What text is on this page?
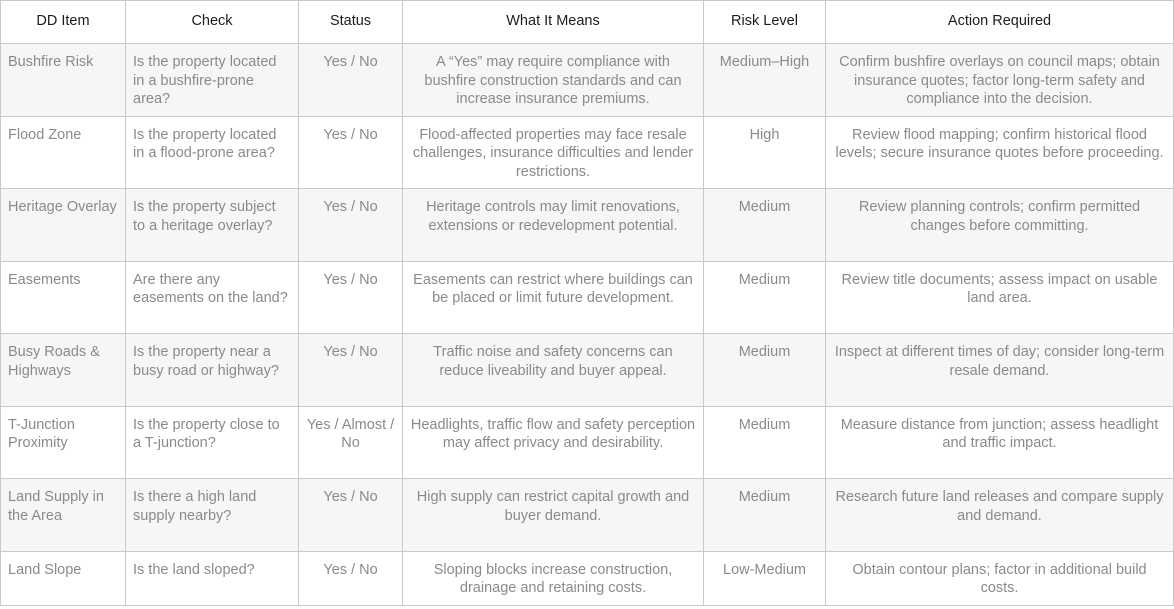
DD Item	Check	Status	What It Means	Risk Level	Action Required
Bushfire Risk	Is the property located in a bushfire-prone area?	Yes / No	A “Yes” may require compliance with bushfire construction standards and can increase insurance premiums.	Medium–High	Confirm bushfire overlays on council maps; obtain insurance quotes; factor long-term safety and compliance into the decision.
Flood Zone	Is the property located in a flood-prone area?	Yes / No	Flood-affected properties may face resale challenges, insurance difficulties and lender restrictions.	High	Review flood mapping; confirm historical flood levels; secure insurance quotes before proceeding.
Heritage Overlay	Is the property subject to a heritage overlay?	Yes / No	Heritage controls may limit renovations, extensions or redevelopment potential.	Medium	Review planning controls; confirm permitted changes before committing.
Easements	Are there any easements on the land?	Yes / No	Easements can restrict where buildings can be placed or limit future development.	Medium	Review title documents; assess impact on usable land area.
Busy Roads & Highways	Is the property near a busy road or highway?	Yes / No	Traffic noise and safety concerns can reduce liveability and buyer appeal.	Medium	Inspect at different times of day; consider long-term resale demand.
T-Junction Proximity	Is the property close to a T-junction?	Yes / Almost / No	Headlights, traffic flow and safety perception may affect privacy and desirability.	Medium	Measure distance from junction; assess headlight and traffic impact.
Land Supply in the Area	Is there a high land supply nearby?	Yes / No	High supply can restrict capital growth and buyer demand.	Medium	Research future land releases and compare supply and demand.
Land Slope	Is the land sloped?	Yes / No	Sloping blocks increase construction, drainage and retaining costs.	Low-Medium	Obtain contour plans; factor in additional build costs.
